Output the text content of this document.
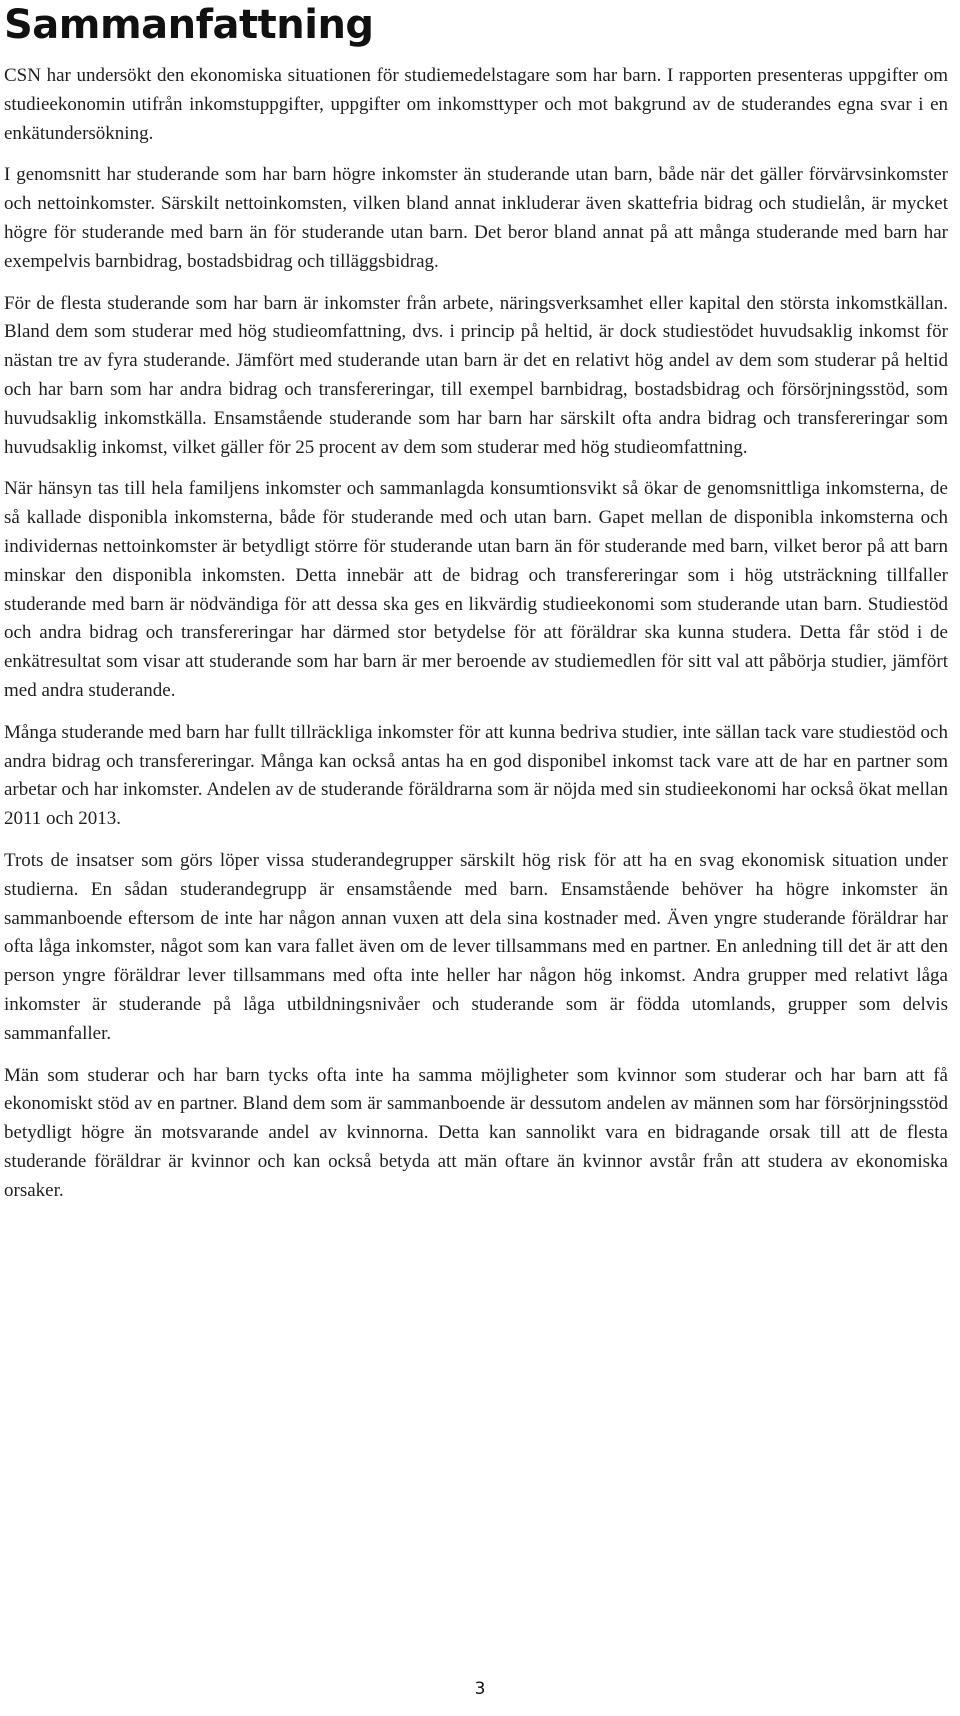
Sammanfattning

CSN har undersökt den ekonomiska situationen för studiemedelstagare som har barn. I rapporten presenteras uppgifter om studieekonomin utifrån inkomstuppgifter, uppgifter om inkomsttyper och mot bakgrund av de studerandes egna svar i en enkätundersökning.

I genomsnitt har studerande som har barn högre inkomster än studerande utan barn, både när det gäller förvärvsinkomster och nettoinkomster. Särskilt nettoinkomsten, vilken bland annat inkluderar även skattefria bidrag och studielån, är mycket högre för studerande med barn än för studerande utan barn. Det beror bland annat på att många studerande med barn har exempelvis barnbidrag, bostadsbidrag och tilläggsbidrag.

För de flesta studerande som har barn är inkomster från arbete, näringsverksamhet eller kapital den största inkomstkällan. Bland dem som studerar med hög studieomfattning, dvs. i princip på heltid, är dock studiestödet huvudsaklig inkomst för nästan tre av fyra studerande. Jämfört med studerande utan barn är det en relativt hög andel av dem som studerar på heltid och har barn som har andra bidrag och transfereringar, till exempel barnbidrag, bostadsbidrag och försörjningsstöd, som huvudsaklig inkomstkälla. Ensamstående studerande som har barn har särskilt ofta andra bidrag och transfereringar som huvudsaklig inkomst, vilket gäller för 25 procent av dem som studerar med hög studieomfattning.

När hänsyn tas till hela familjens inkomster och sammanlagda konsumtionsvikt så ökar de genomsnittliga inkomsterna, de så kallade disponibla inkomsterna, både för studerande med och utan barn. Gapet mellan de disponibla inkomsterna och individernas nettoinkomster är betydligt större för studerande utan barn än för studerande med barn, vilket beror på att barn minskar den disponibla inkomsten. Detta innebär att de bidrag och transfereringar som i hög utsträckning tillfaller studerande med barn är nödvändiga för att dessa ska ges en likvärdig studieekonomi som studerande utan barn. Studiestöd och andra bidrag och transfereringar har därmed stor betydelse för att föräldrar ska kunna studera. Detta får stöd i de enkätresultat som visar att studerande som har barn är mer beroende av studiemedlen för sitt val att påbörja studier, jämfört med andra studerande.

Många studerande med barn har fullt tillräckliga inkomster för att kunna bedriva studier, inte sällan tack vare studiestöd och andra bidrag och transfereringar. Många kan också antas ha en god disponibel inkomst tack vare att de har en partner som arbetar och har inkomster. Andelen av de studerande föräldrarna som är nöjda med sin studieekonomi har också ökat mellan 2011 och 2013.

Trots de insatser som görs löper vissa studerandegrupper särskilt hög risk för att ha en svag ekonomisk situation under studierna. En sådan studerandegrupp är ensamstående med barn. Ensamstående behöver ha högre inkomster än sammanboende eftersom de inte har någon annan vuxen att dela sina kostnader med. Även yngre studerande föräldrar har ofta låga inkomster, något som kan vara fallet även om de lever tillsammans med en partner. En anledning till det är att den person yngre föräldrar lever tillsammans med ofta inte heller har någon hög inkomst. Andra grupper med relativt låga inkomster är studerande på låga utbildningsnivåer och studerande som är födda utomlands, grupper som delvis sammanfaller.

Män som studerar och har barn tycks ofta inte ha samma möjligheter som kvinnor som studerar och har barn att få ekonomiskt stöd av en partner. Bland dem som är sammanboende är dessutom andelen av männen som har försörjningsstöd betydligt högre än motsvarande andel av kvinnorna. Detta kan sannolikt vara en bidragande orsak till att de flesta studerande föräldrar är kvinnor och kan också betyda att män oftare än kvinnor avstår från att studera av ekonomiska orsaker.

3
